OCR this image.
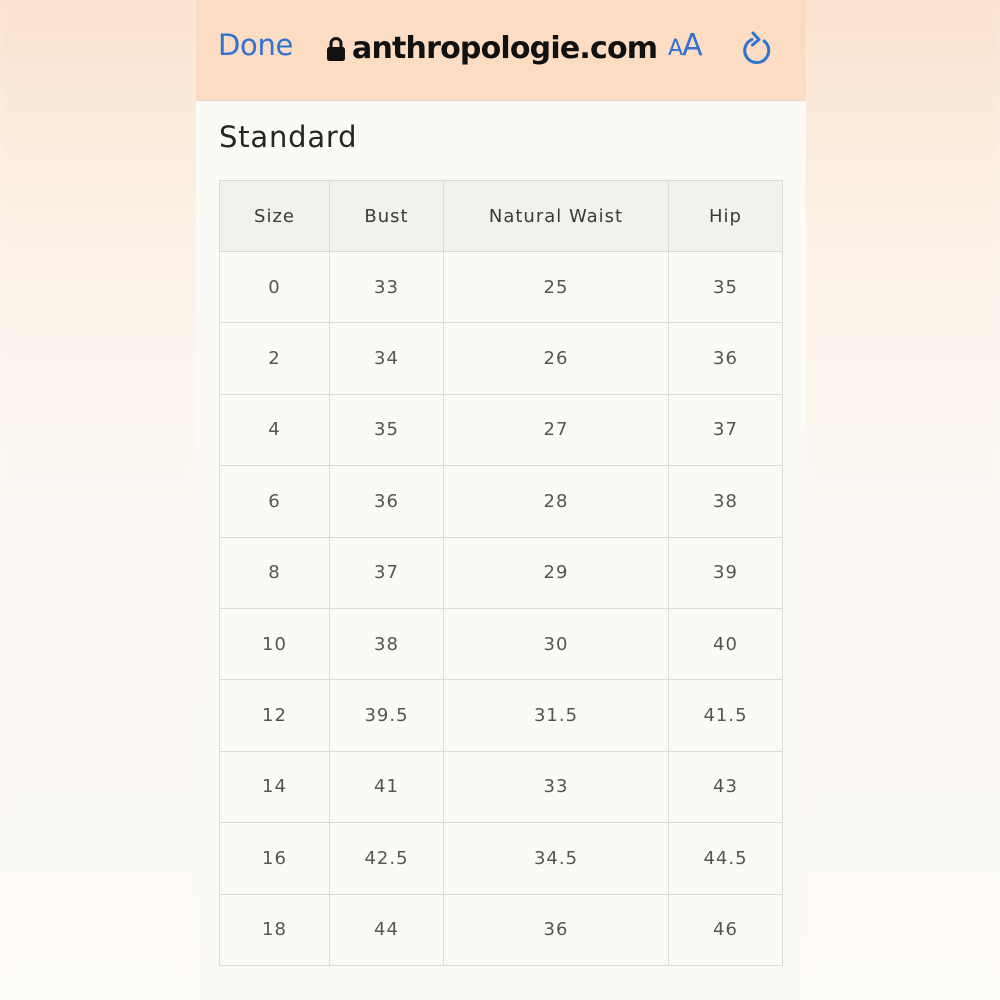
Done anthropologie.com AA
Standard
Size	Bust	Natural Waist	Hip
0	33	25	35
2	34	26	36
4	35	27	37
6	36	28	38
8	37	29	39
10	38	30	40
12	39.5	31.5	41.5
14	41	33	43
16	42.5	34.5	44.5
18	44	36	46
